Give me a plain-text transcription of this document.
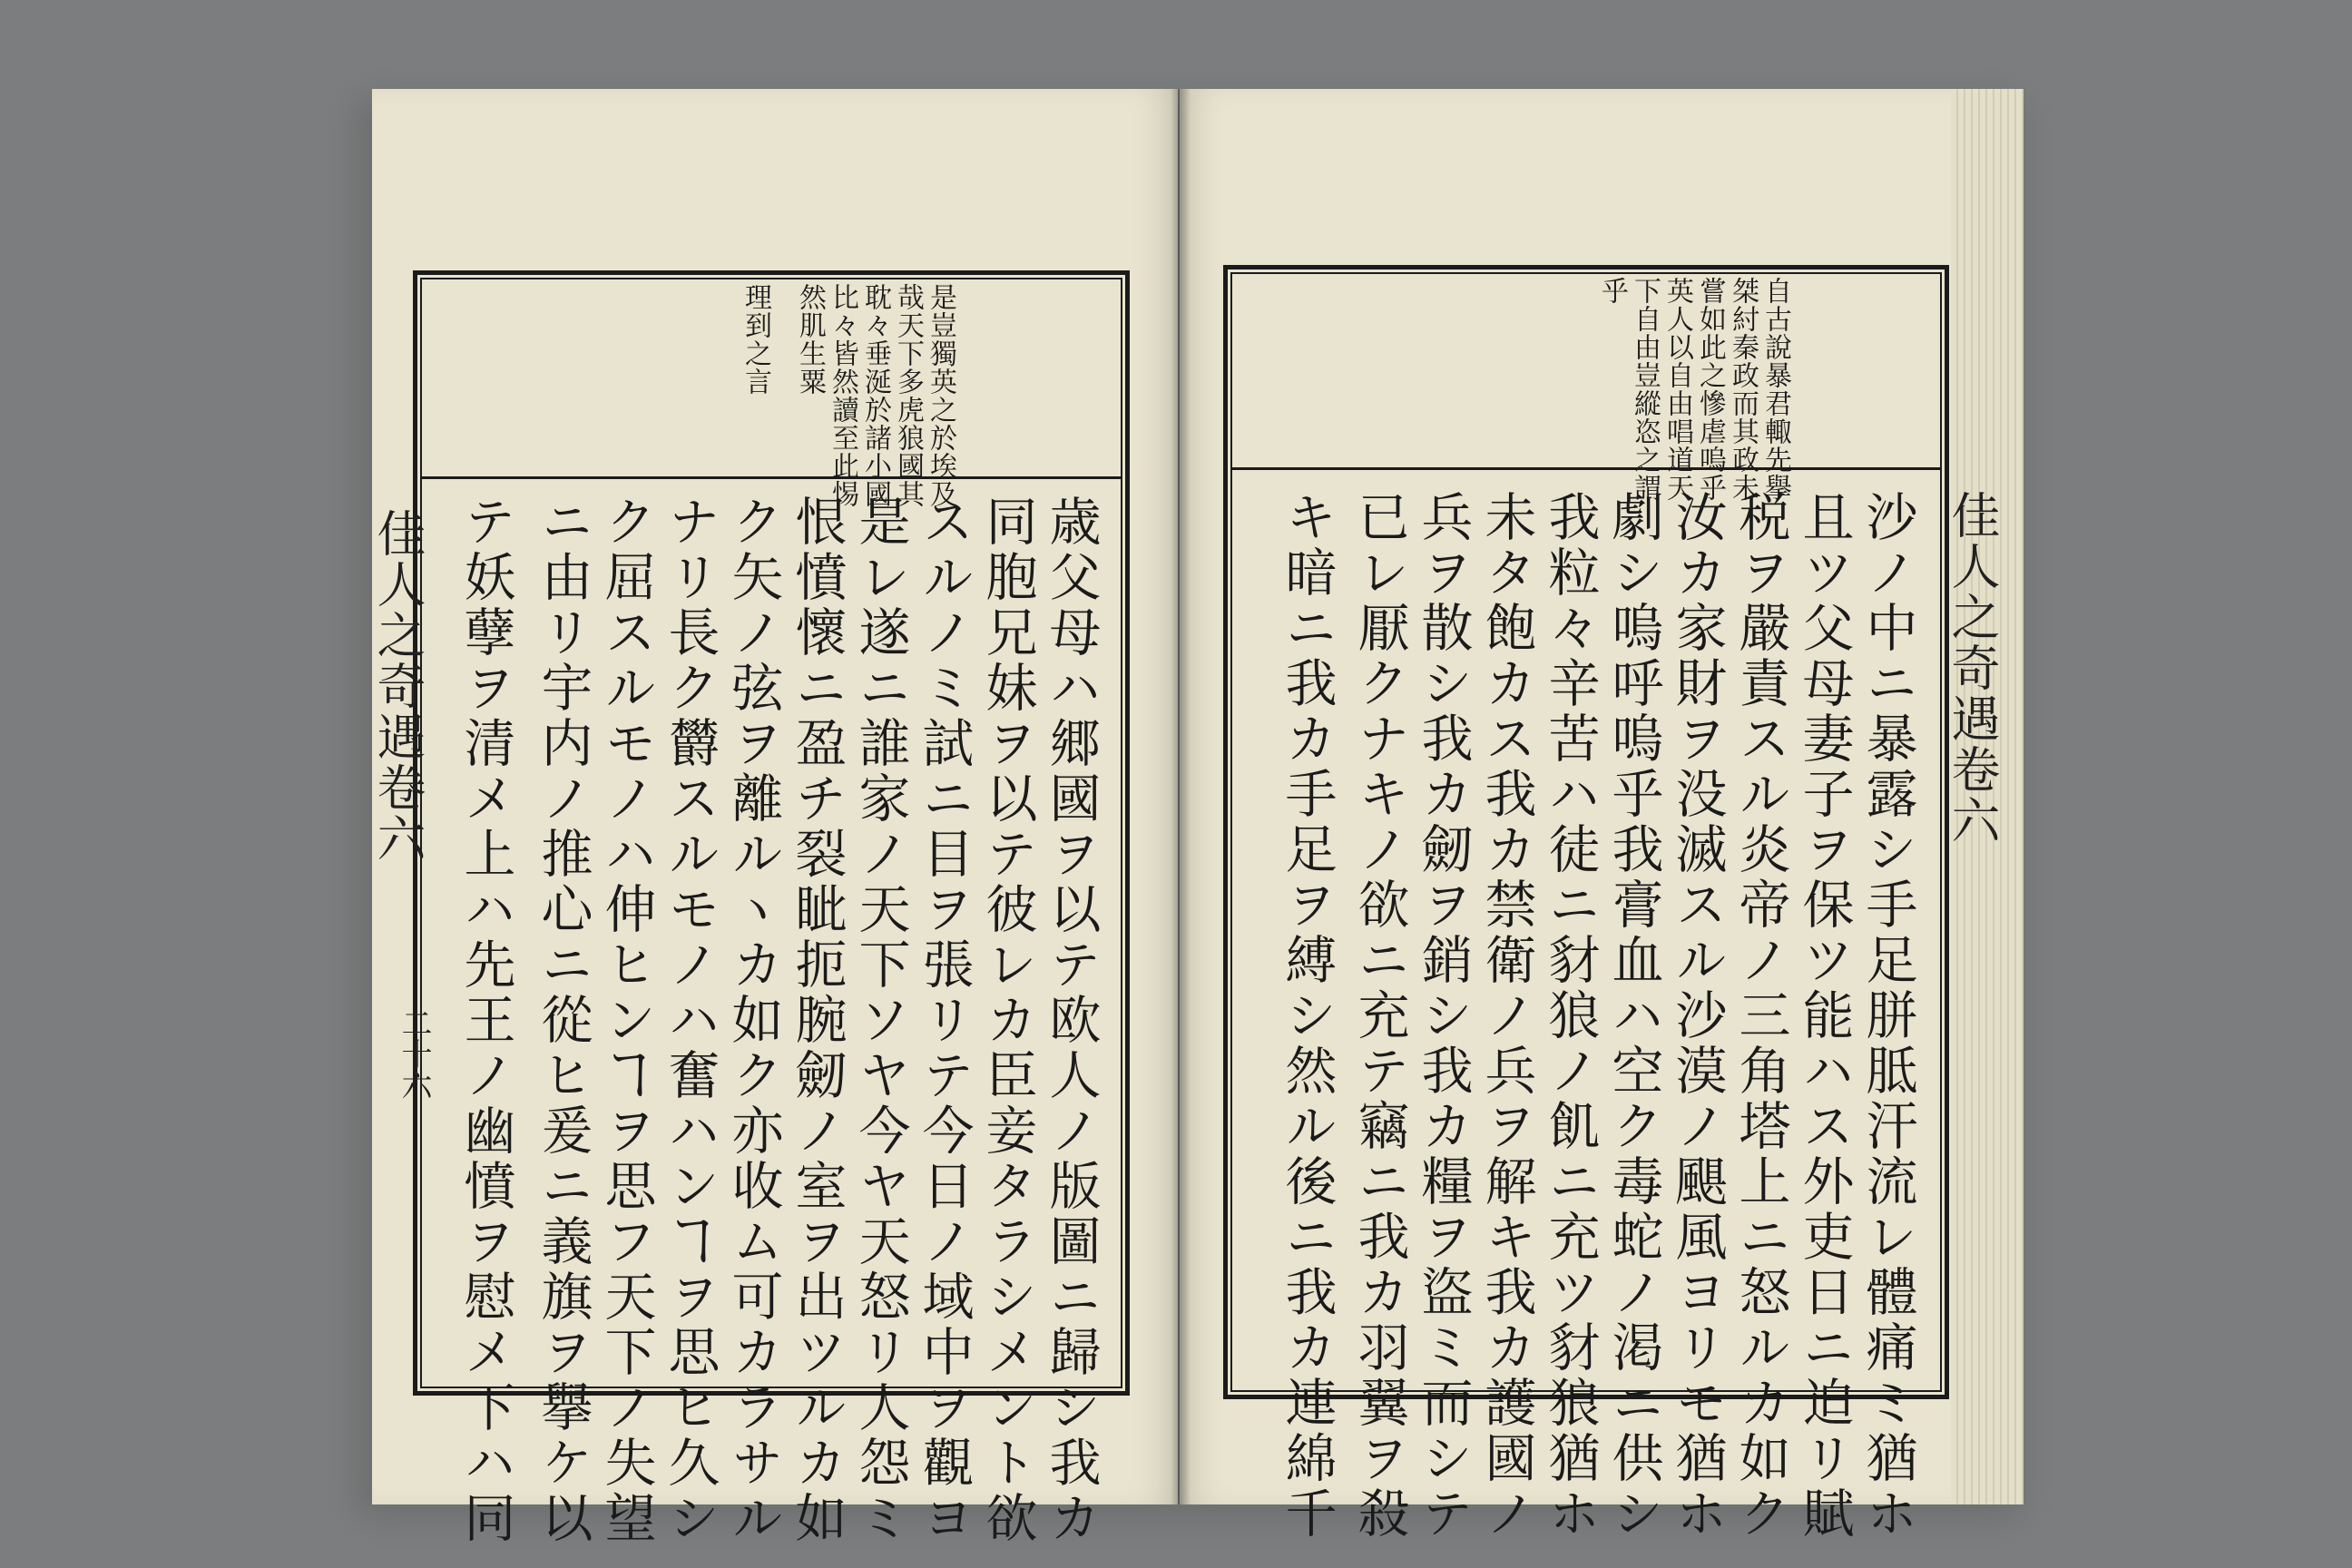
佳人之奇遇卷六
二十六
佳人之奇遇卷六
是豈獨英之於埃及
哉天下多虎狼國其
耽々垂涎於諸小國
比々皆然讀至此惕
然肌生粟
理到之言
歳父母ハ郷國ヲ以テ欧人ノ版圖ニ歸シ我カ
同胞兄妹ヲ以テ彼レカ臣妾タラシメント欲
スルノミ試ニ目ヲ張リテ今日ノ域中ヲ觀ヨ
是レ遂ニ誰家ノ天下ソヤ今ヤ天怒リ人怨ミ
恨憤懷ニ盈チ裂眦扼腕劒ノ室ヲ出ツルカ如
ク矢ノ弦ヲ離ルヽカ如ク亦收ム可カラサル
ナリ長ク欝スルモノハ奮ハンヿヲ思ヒ久シ
ク屈スルモノハ伸ヒンヿヲ思フ天下ノ失望
ニ由リ宇内ノ推心ニ從ヒ爰ニ義旗ヲ擧ケ以
テ妖孽ヲ清メ上ハ先王ノ幽憤ヲ慰メ下ハ同
自古說暴君輙先擧
桀紂秦政而其政未
嘗如此之慘虐嗚乎
英人以自由唱道天
下自由豈縱恣之謂
乎
沙ノ中ニ暴露シ手足胼胝汗流レ體痛ミ猶ホ
且ツ父母妻子ヲ保ツ能ハス外吏日ニ迫リ賦
税ヲ嚴責スル炎帝ノ三角塔上ニ怒ルカ如ク
汝カ家財ヲ没滅スル沙漠ノ颶風ヨリモ猶ホ
劇シ嗚呼嗚乎我膏血ハ空ク毒蛇ノ渇ニ供シ
我粒々辛苦ハ徒ニ豺狼ノ飢ニ充ツ豺狼猶ホ
未タ飽カス我カ禁衛ノ兵ヲ解キ我カ護國ノ
兵ヲ散シ我カ劒ヲ銷シ我カ糧ヲ盜ミ而シテ
已レ厭クナキノ欲ニ充テ竊ニ我カ羽翼ヲ殺
キ暗ニ我カ手足ヲ縛シ然ル後ニ我カ連綿千
